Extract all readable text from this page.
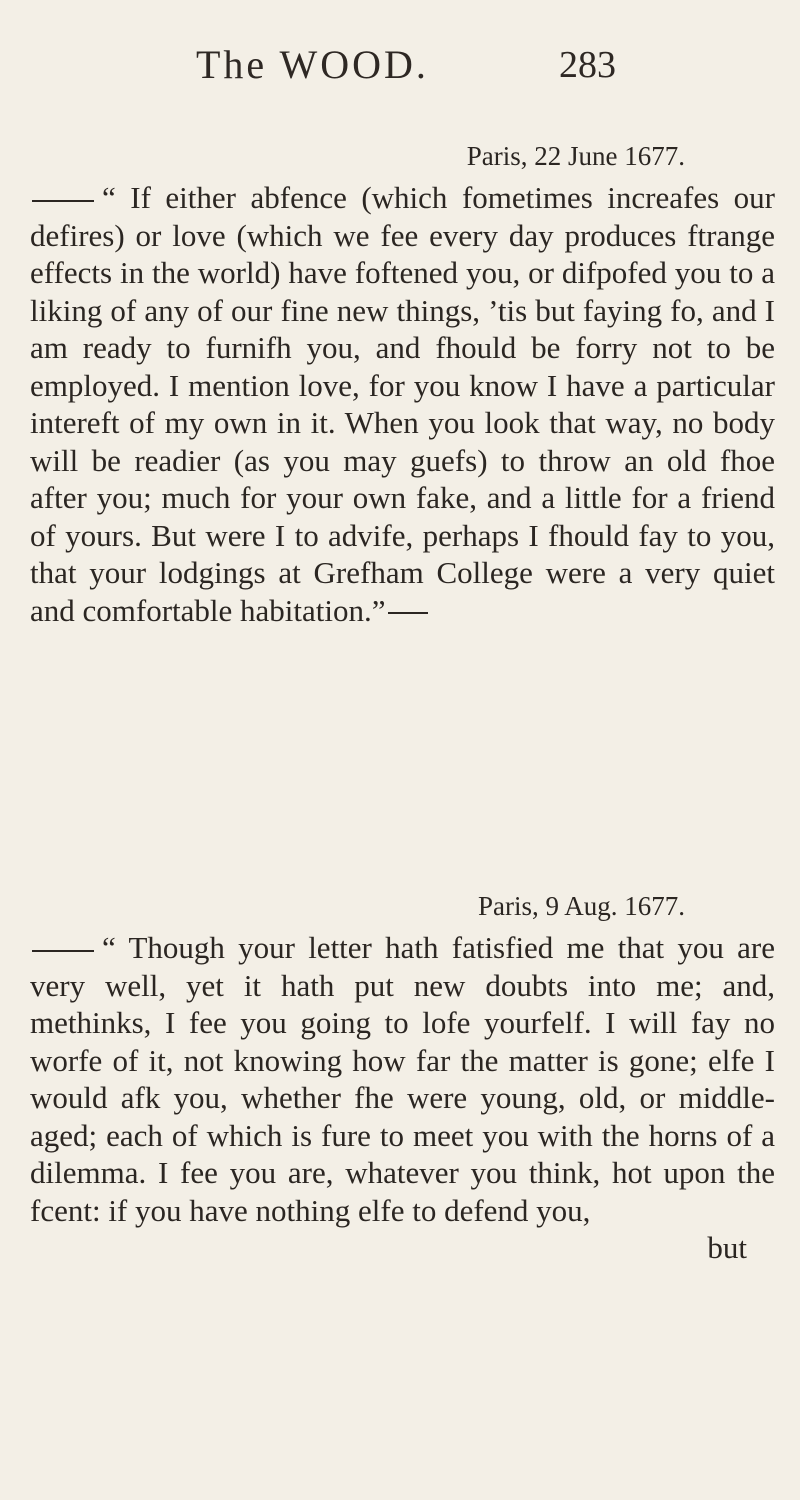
The WOOD.	283

Paris, 22 June 1677.

“ If either abfence (which fometimes increafes our defires) or love (which we fee every day produces ftrange effects in the world) have foftened you, or difpofed you to a liking of any of our fine new things, ’tis but faying fo, and I am ready to furnifh you, and fhould be forry not to be employed. I mention love, for you know I have a particular intereft of my own in it. When you look that way, no body will be readier (as you may guefs) to throw an old fhoe after you; much for your own fake, and a little for a friend of yours. But were I to advife, perhaps I fhould fay to you, that your lodgings at Grefham College were a very quiet and comfortable habitation.”

Paris, 9 Aug. 1677.

“ Though your letter hath fatisfied me that you are very well, yet it hath put new doubts into me; and, methinks, I fee you going to lofe yourfelf. I will fay no worfe of it, not knowing how far the matter is gone; elfe I would afk you, whether fhe were young, old, or middle-aged; each of which is fure to meet you with the horns of a dilemma. I fee you are, whatever you think, hot upon the fcent: if you have nothing elfe to defend you,

but
